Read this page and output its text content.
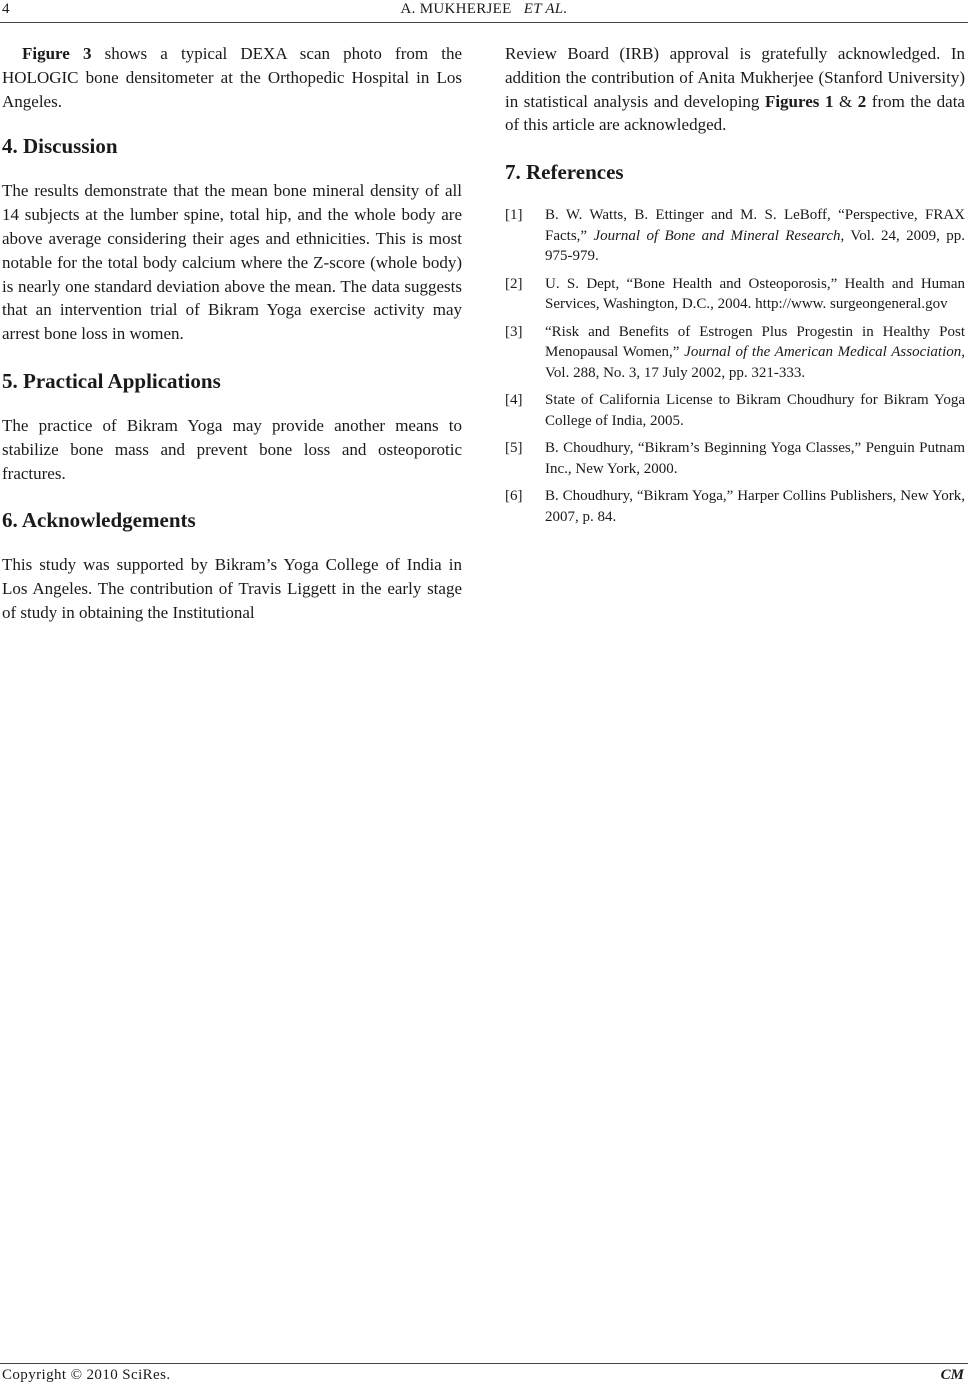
4	A. MUKHERJEE ET AL.

Figure 3 shows a typical DEXA scan photo from the HOLOGIC bone densitometer at the Orthopedic Hospital in Los Angeles.

4. Discussion

The results demonstrate that the mean bone mineral density of all 14 subjects at the lumber spine, total hip, and the whole body are above average considering their ages and ethnicities. This is most notable for the total body calcium where the Z-score (whole body) is nearly one standard deviation above the mean. The data suggests that an intervention trial of Bikram Yoga exercise activity may arrest bone loss in women.

5. Practical Applications

The practice of Bikram Yoga may provide another means to stabilize bone mass and prevent bone loss and osteoporotic fractures.

6. Acknowledgements

This study was supported by Bikram’s Yoga College of India in Los Angeles. The contribution of Travis Liggett in the early stage of study in obtaining the Institutional

Review Board (IRB) approval is gratefully acknowledged. In addition the contribution of Anita Mukherjee (Stanford University) in statistical analysis and developing Figures 1 & 2 from the data of this article are acknowledged.

7. References
[1] B. W. Watts, B. Ettinger and M. S. LeBoff, “Perspective, FRAX Facts,” Journal of Bone and Mineral Research, Vol. 24, 2009, pp. 975-979.
[2] U. S. Dept, “Bone Health and Osteoporosis,” Health and Human Services, Washington, D.C., 2004. http://www. surgeongeneral.gov
[3] “Risk and Benefits of Estrogen Plus Progestin in Healthy Post Menopausal Women,” Journal of the American Medical Association, Vol. 288, No. 3, 17 July 2002, pp. 321-333.
[4] State of California License to Bikram Choudhury for Bikram Yoga College of India, 2005.
[5] B. Choudhury, “Bikram’s Beginning Yoga Classes,” Penguin Putnam Inc., New York, 2000.
[6] B. Choudhury, “Bikram Yoga,” Harper Collins Publishers, New York, 2007, p. 84.
Copyright © 2010 SciRes.	CM
